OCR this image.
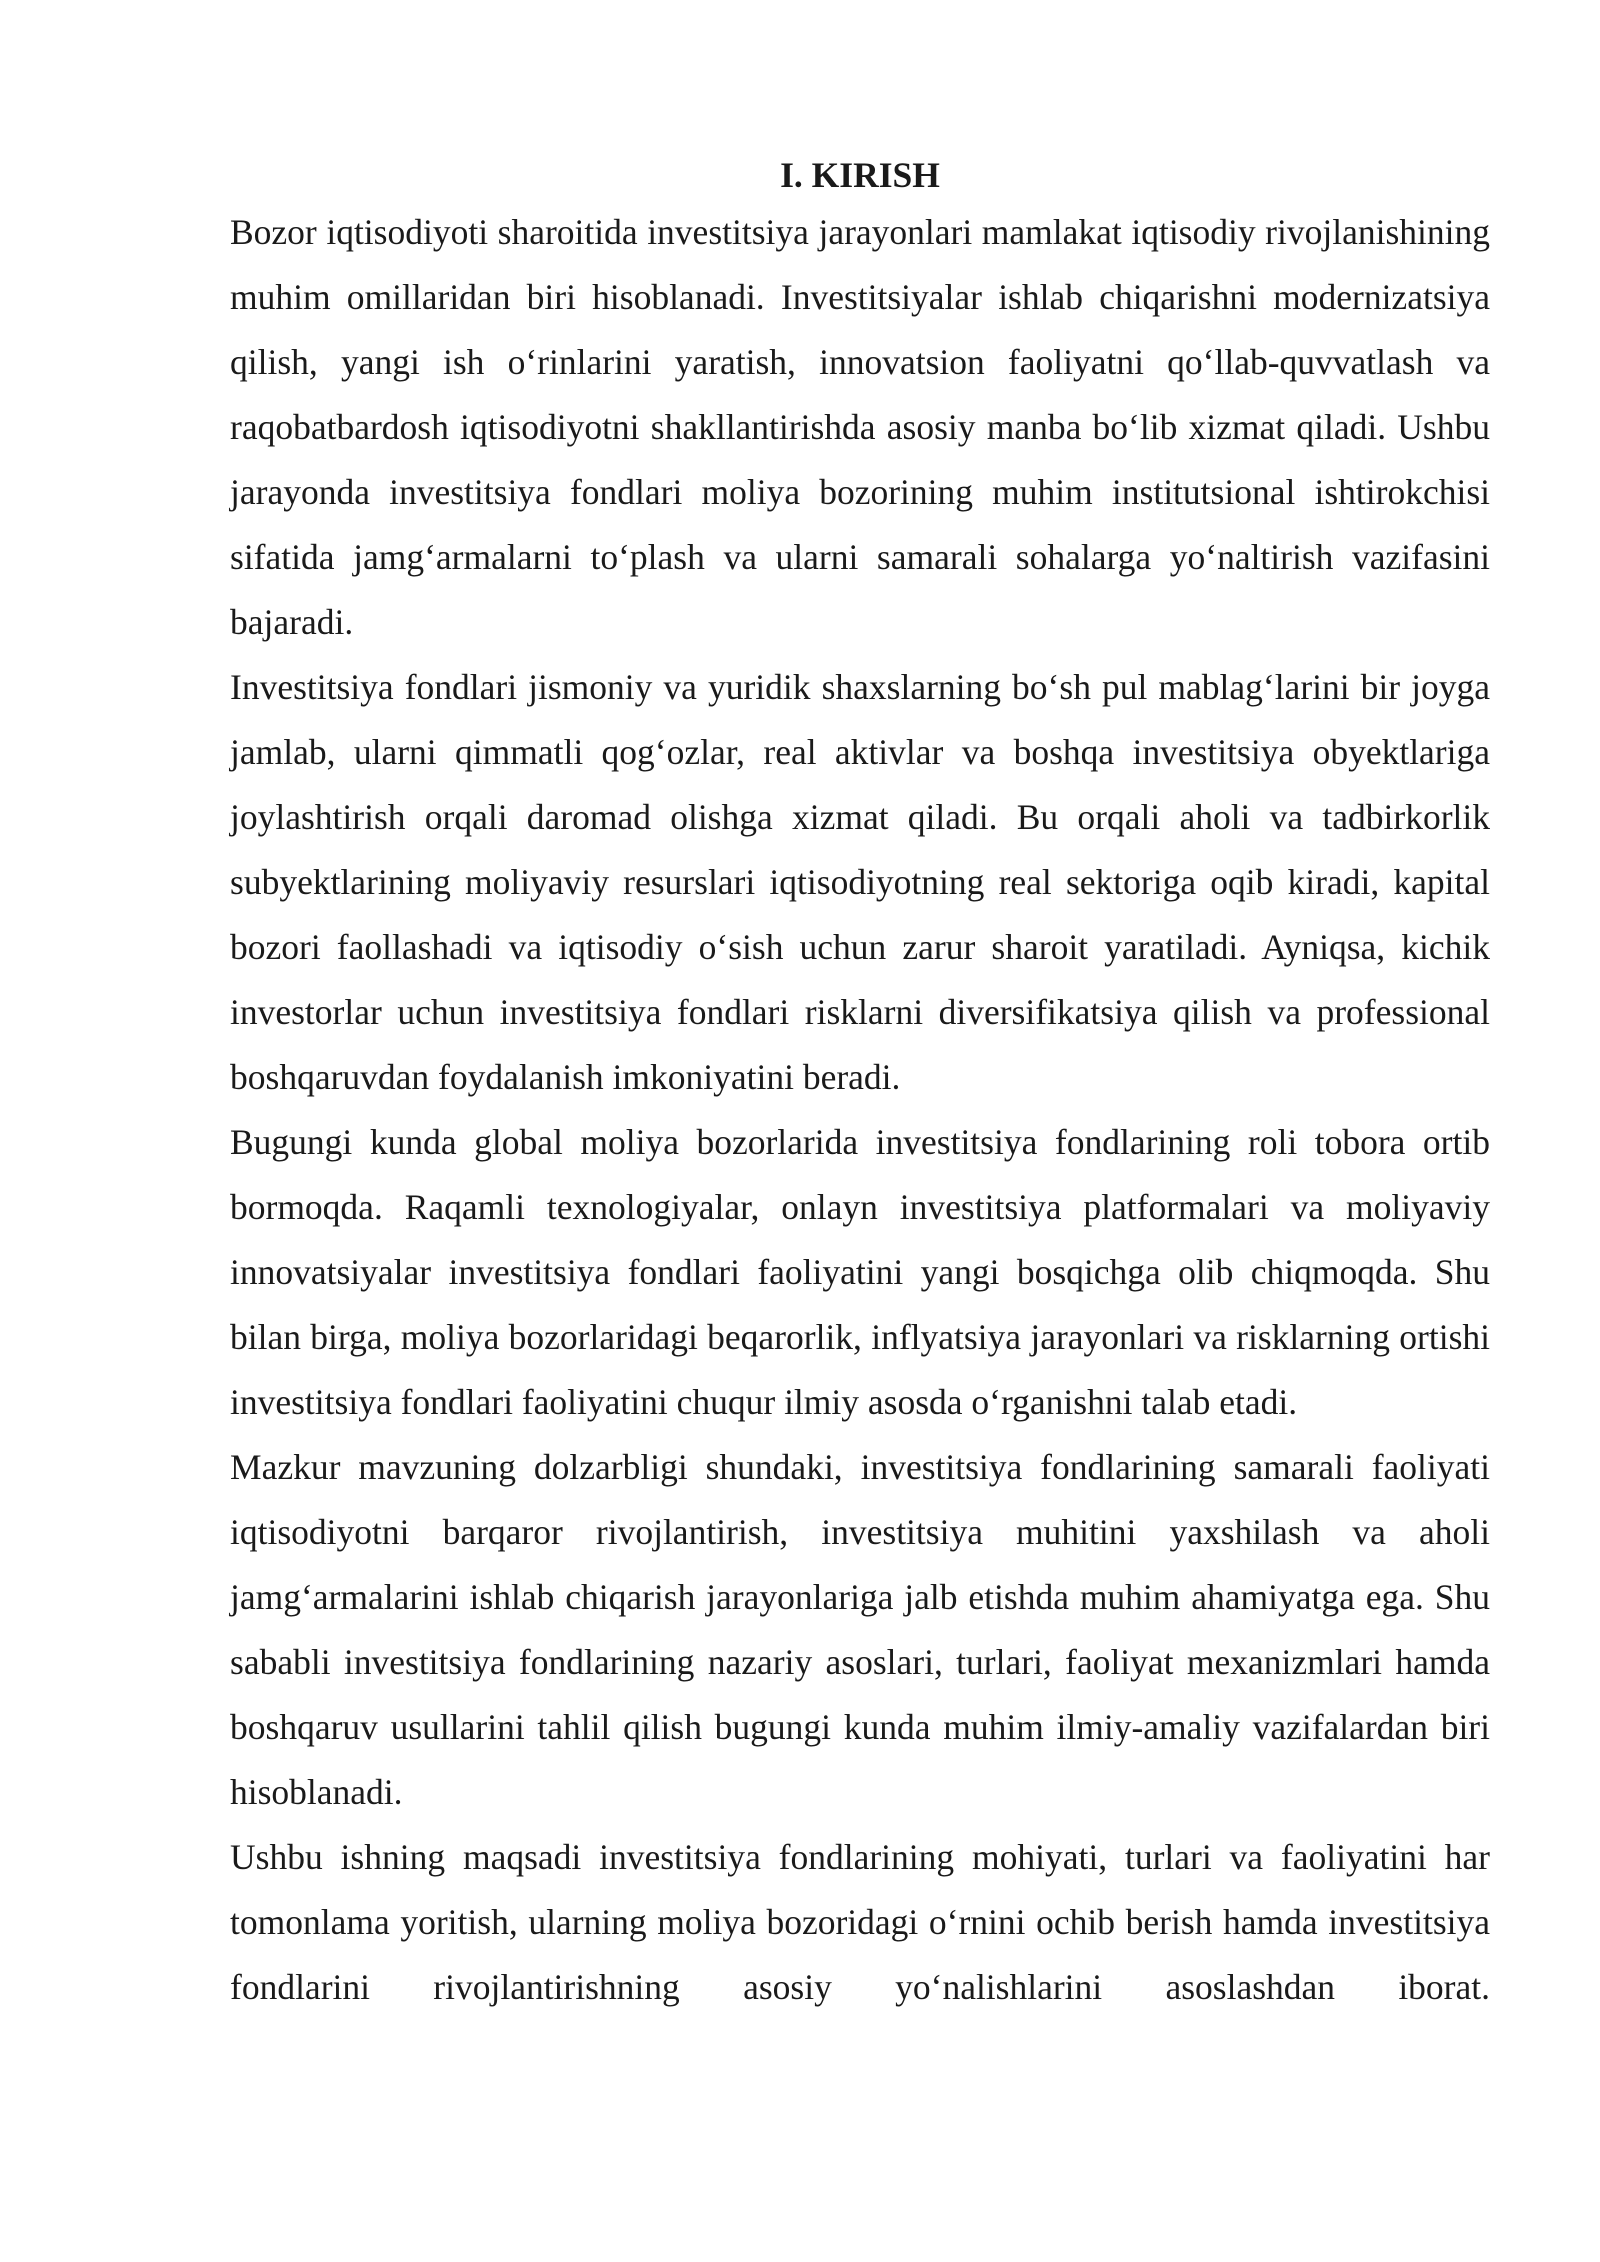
I. KIRISH

Bozor iqtisodiyoti sharoitida investitsiya jarayonlari mamlakat iqtisodiy rivojlanishining muhim omillaridan biri hisoblanadi. Investitsiyalar ishlab chiqarishni modernizatsiya qilish, yangi ish o‘rinlarini yaratish, innovatsion faoliyatni qo‘llab-quvvatlash va raqobatbardosh iqtisodiyotni shakllantirishda asosiy manba bo‘lib xizmat qiladi. Ushbu jarayonda investitsiya fondlari moliya bozorining muhim institutsional ishtirokchisi sifatida jamg‘armalarni to‘plash va ularni samarali sohalarga yo‘naltirish vazifasini bajaradi.

Investitsiya fondlari jismoniy va yuridik shaxslarning bo‘sh pul mablag‘larini bir joyga jamlab, ularni qimmatli qog‘ozlar, real aktivlar va boshqa investitsiya obyektlariga joylashtirish orqali daromad olishga xizmat qiladi. Bu orqali aholi va tadbirkorlik subyektlarining moliyaviy resurslari iqtisodiyotning real sektoriga oqib kiradi, kapital bozori faollashadi va iqtisodiy o‘sish uchun zarur sharoit yaratiladi. Ayniqsa, kichik investorlar uchun investitsiya fondlari risklarni diversifikatsiya qilish va professional boshqaruvdan foydalanish imkoniyatini beradi.

Bugungi kunda global moliya bozorlarida investitsiya fondlarining roli tobora ortib bormoqda. Raqamli texnologiyalar, onlayn investitsiya platformalari va moliyaviy innovatsiyalar investitsiya fondlari faoliyatini yangi bosqichga olib chiqmoqda. Shu bilan birga, moliya bozorlaridagi beqarorlik, inflyatsiya jarayonlari va risklarning ortishi investitsiya fondlari faoliyatini chuqur ilmiy asosda o‘rganishni talab etadi.

Mazkur mavzuning dolzarbligi shundaki, investitsiya fondlarining samarali faoliyati iqtisodiyotni barqaror rivojlantirish, investitsiya muhitini yaxshilash va aholi jamg‘armalarini ishlab chiqarish jarayonlariga jalb etishda muhim ahamiyatga ega. Shu sababli investitsiya fondlarining nazariy asoslari, turlari, faoliyat mexanizmlari hamda boshqaruv usullarini tahlil qilish bugungi kunda muhim ilmiy-amaliy vazifalardan biri hisoblanadi.

Ushbu ishning maqsadi investitsiya fondlarining mohiyati, turlari va faoliyatini har tomonlama yoritish, ularning moliya bozoridagi o‘rnini ochib berish hamda investitsiya fondlarini rivojlantirishning asosiy yo‘nalishlarini asoslashdan iborat.
